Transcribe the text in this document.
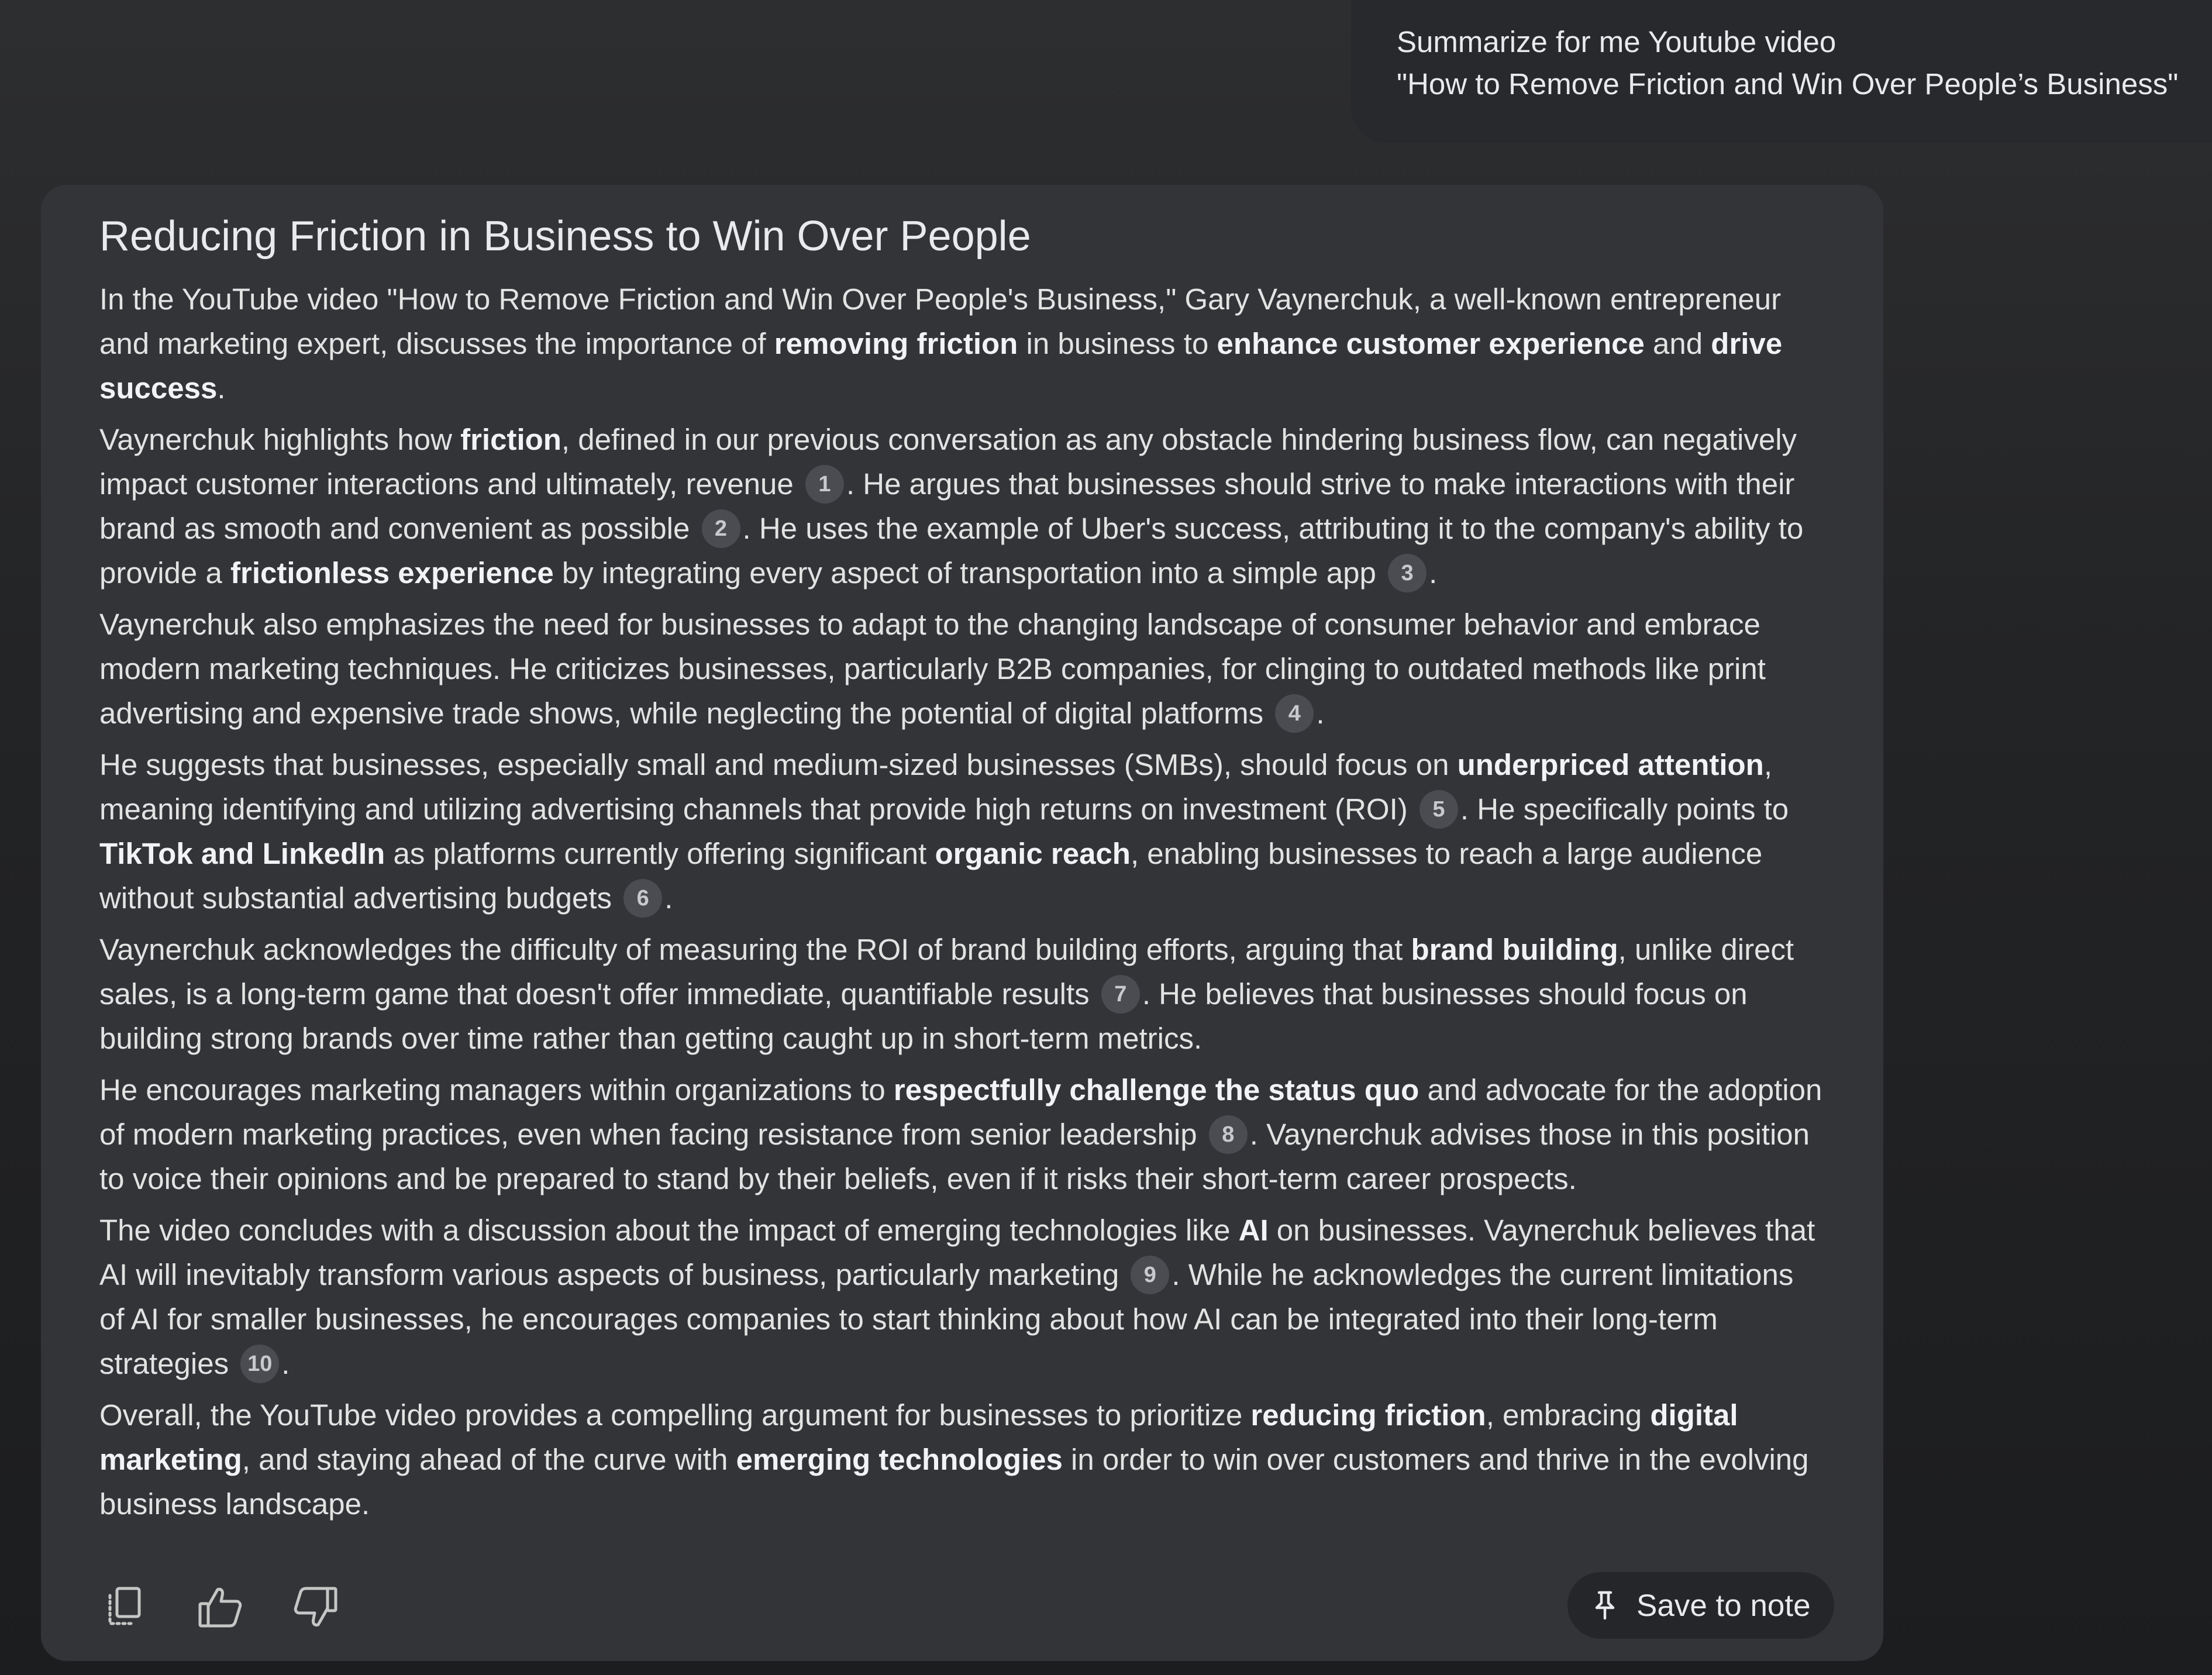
Summarize for me Youtube video
"How to Remove Friction and Win Over People’s Business"
Reducing Friction in Business to Win Over People
In the YouTube video "How to Remove Friction and Win Over People's Business," Gary Vaynerchuk, a well-known entrepreneur and marketing expert, discusses the importance of removing friction in business to enhance customer experience and drive success.
Vaynerchuk highlights how friction, defined in our previous conversation as any obstacle hindering business flow, can negatively impact customer interactions and ultimately, revenue 1 . He argues that businesses should strive to make interactions with their brand as smooth and convenient as possible 2 . He uses the example of Uber's success, attributing it to the company's ability to provide a frictionless experience by integrating every aspect of transportation into a simple app 3 .
Vaynerchuk also emphasizes the need for businesses to adapt to the changing landscape of consumer behavior and embrace modern marketing techniques. He criticizes businesses, particularly B2B companies, for clinging to outdated methods like print advertising and expensive trade shows, while neglecting the potential of digital platforms 4 .
He suggests that businesses, especially small and medium-sized businesses (SMBs), should focus on underpriced attention, meaning identifying and utilizing advertising channels that provide high returns on investment (ROI) 5 . He specifically points to TikTok and LinkedIn as platforms currently offering significant organic reach, enabling businesses to reach a large audience without substantial advertising budgets 6 .
Vaynerchuk acknowledges the difficulty of measuring the ROI of brand building efforts, arguing that brand building, unlike direct sales, is a long-term game that doesn't offer immediate, quantifiable results 7 . He believes that businesses should focus on building strong brands over time rather than getting caught up in short-term metrics.
He encourages marketing managers within organizations to respectfully challenge the status quo and advocate for the adoption of modern marketing practices, even when facing resistance from senior leadership 8 . Vaynerchuk advises those in this position to voice their opinions and be prepared to stand by their beliefs, even if it risks their short-term career prospects.
The video concludes with a discussion about the impact of emerging technologies like AI on businesses. Vaynerchuk believes that AI will inevitably transform various aspects of business, particularly marketing 9 . While he acknowledges the current limitations of AI for smaller businesses, he encourages companies to start thinking about how AI can be integrated into their long-term strategies 10 .
Overall, the YouTube video provides a compelling argument for businesses to prioritize reducing friction, embracing digital marketing, and staying ahead of the curve with emerging technologies in order to win over customers and thrive in the evolving business landscape.
Save to note
